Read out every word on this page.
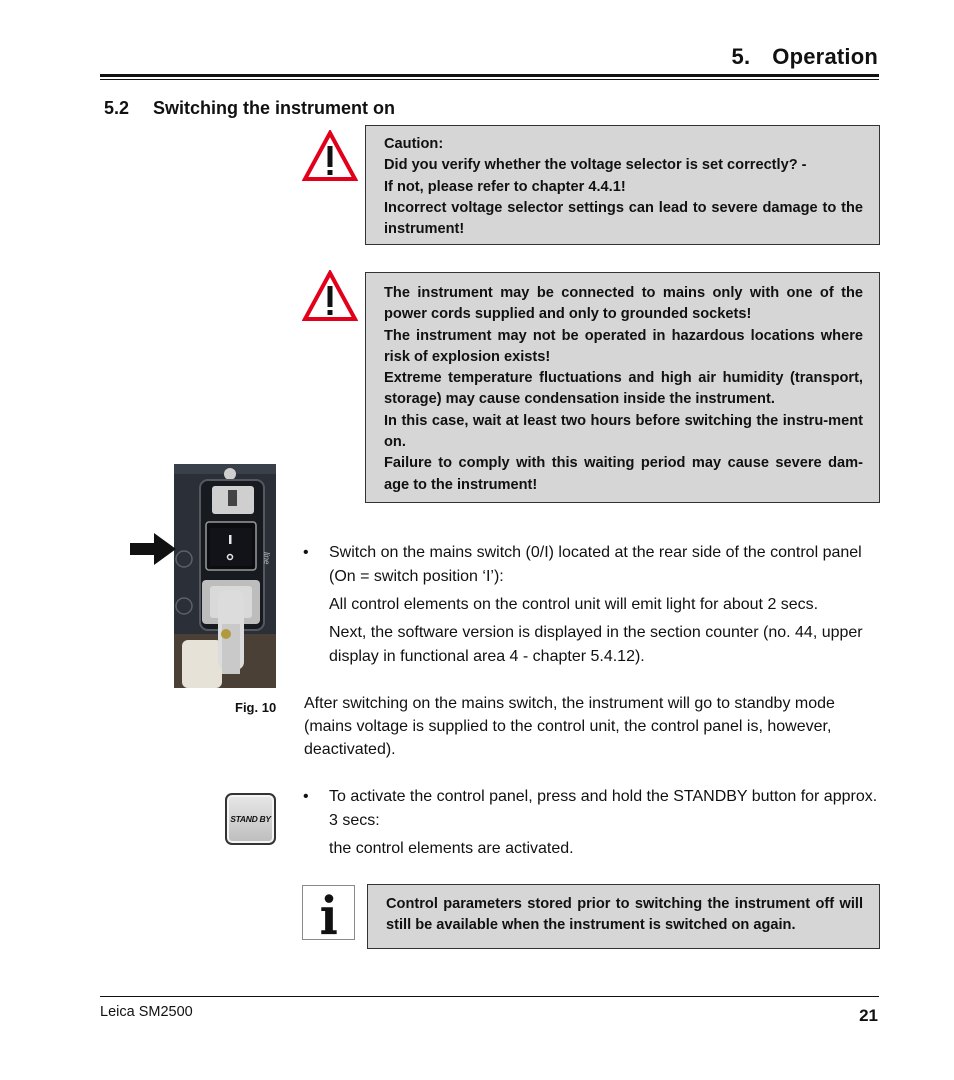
5. Operation
5.2 Switching the instrument on

Caution:

Did you verify whether the voltage selector is set correctly? -

If not, please refer to chapter 4.4.1!

Incorrect voltage selector settings can lead to severe damage to the instrument!

The instrument may be connected to mains only with one of the power cords supplied and only to grounded sockets!

The instrument may not be operated in hazardous locations where risk of explosion exists!

Extreme temperature fluctuations and high air humidity (transport, storage) may cause condensation inside the instrument.

In this case, wait at least two hours before switching the instru-ment on.

Failure to comply with this waiting period may cause severe dam-age to the instrument!

line
Fig. 10
• Switch on the mains switch (0/I) located at the rear side of the control panel (On = switch position ‘I’):
All control elements on the control unit will emit light for about 2 secs.
Next, the software version is displayed in the section counter (no. 44, upper display in functional area 4 - chapter 5.4.12).
After switching on the mains switch, the instrument will go to standby mode (mains voltage is supplied to the control unit, the control panel is, however, deactivated).
STAND BY
• To activate the control panel, press and hold the STANDBY button for approx. 3 secs:
the control elements are activated.

Control parameters stored prior to switching the instrument off will still be available when the instrument is switched on again.

Leica SM2500	21
